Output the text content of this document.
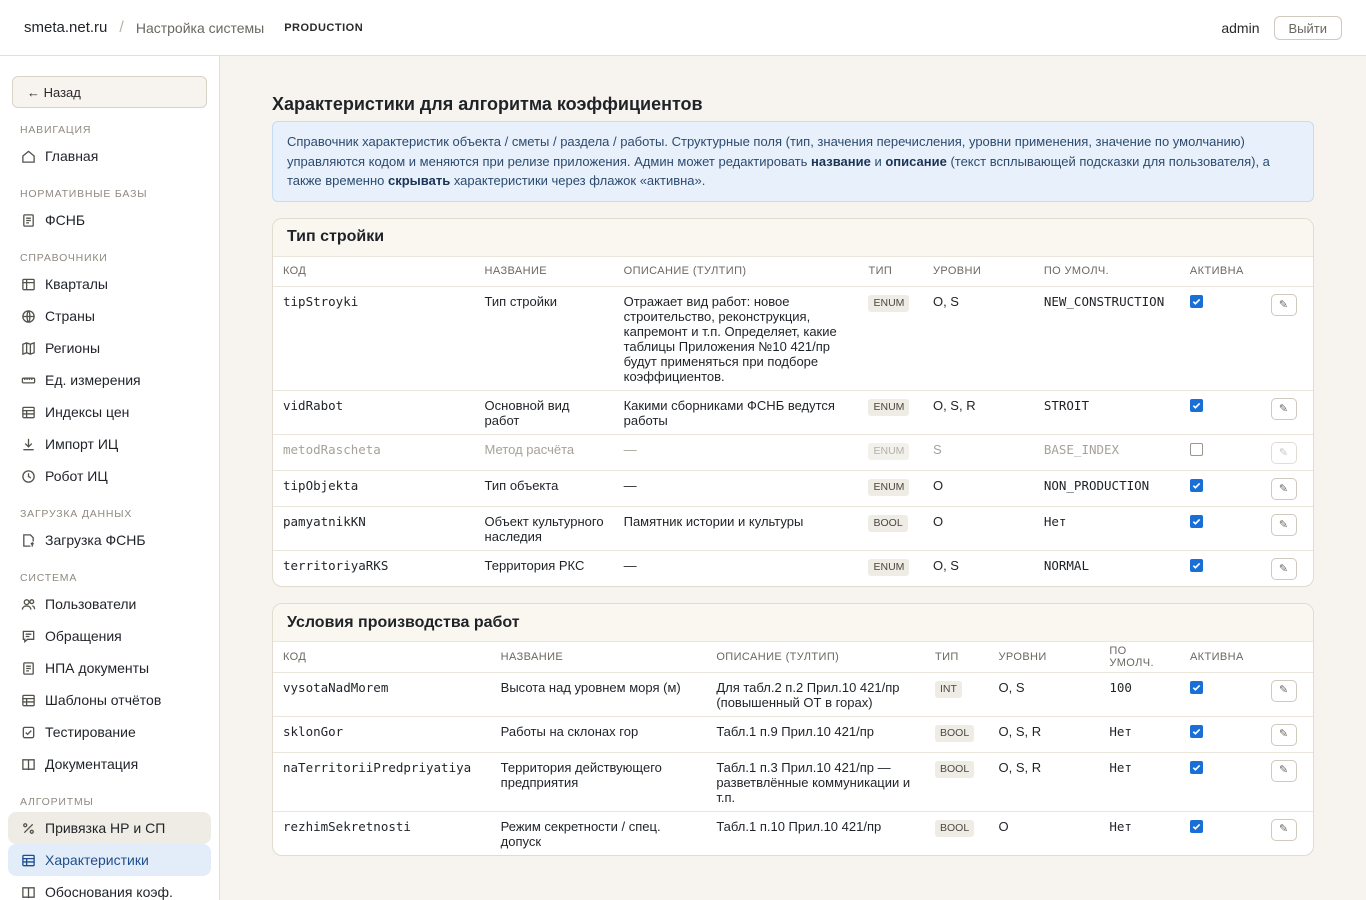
smeta.net.ru / Настройка системы PRODUCTION	admin	Выйти
← Назад
НАВИГАЦИЯ
Главная
НОРМАТИВНЫЕ БАЗЫ
ФСНБ
СПРАВОЧНИКИ
Кварталы
Страны
Регионы
Ед. измерения
Индексы цен
Импорт ИЦ
Робот ИЦ
ЗАГРУЗКА ДАННЫХ
Загрузка ФСНБ
СИСТЕМА
Пользователи
Обращения
НПА документы
Шаблоны отчётов
Тестирование
Документация
АЛГОРИТМЫ
Привязка НР и СП
Характеристики
Обоснования коэф.
Характеристики для алгоритма коэффициентов
Справочник характеристик объекта / сметы / раздела / работы. Структурные поля (тип, значения перечисления, уровни применения, значение по умолчанию) управляются кодом и меняются при релизе приложения. Админ может редактировать название и описание (текст всплывающей подсказки для пользователя), а также временно скрывать характеристики через флажок «активна».
Тип стройки
КОД	НАЗВАНИЕ	ОПИСАНИЕ (ТУЛТИП)	ТИП	УРОВНИ	ПО УМОЛЧ.	АКТИВНА	
tipStroyki	Тип стройки	Отражает вид работ: новое строительство, реконструкция, капремонт и т.п. Определяет, какие таблицы Приложения №10 421/пр будут применяться при подборе коэффициентов.	ENUM	O, S	NEW_CONSTRUCTION		✎

vidRabot	Основной вид работ	Какими сборниками ФСНБ ведутся работы	ENUM	O, S, R	STROIT		✎

metodRascheta	Метод расчёта	—	ENUM	S	BASE_INDEX		✎

tipObjekta	Тип объекта	—	ENUM	O	NON_PRODUCTION		✎

pamyatnikKN	Объект культурного наследия	Памятник истории и культуры	BOOL	O	Нет		✎

territoriyaRKS	Территория РКС	—	ENUM	O, S	NORMAL		✎
Условия производства работ
КОД	НАЗВАНИЕ	ОПИСАНИЕ (ТУЛТИП)	ТИП	УРОВНИ	ПО УМОЛЧ.	АКТИВНА	
vysotaNadMorem	Высота над уровнем моря (м)	Для табл.2 п.2 Прил.10 421/пр (повышенный ОТ в горах)	INT	O, S	100		✎

sklonGor	Работы на склонах гор	Табл.1 п.9 Прил.10 421/пр	BOOL	O, S, R	Нет		✎

naTerritoriiPredpriyatiya	Территория действующего предприятия	Табл.1 п.3 Прил.10 421/пр — разветвлённые коммуникации и т.п.	BOOL	O, S, R	Нет		✎

rezhimSekretnosti	Режим секретности / спец. допуск	Табл.1 п.10 Прил.10 421/пр	BOOL	O	Нет		✎
